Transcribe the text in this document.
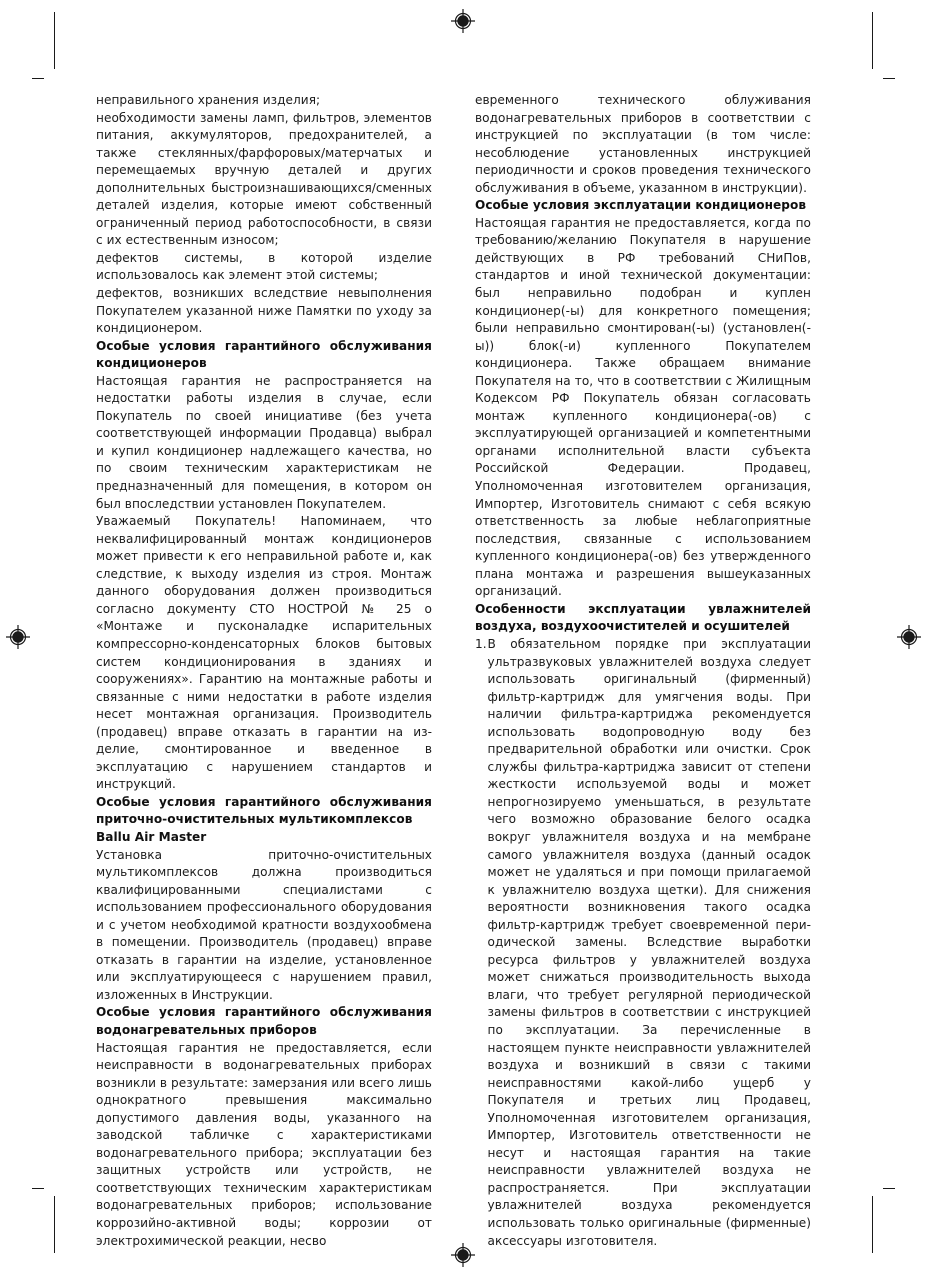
неправильного хранения изделия;

необходимости замены ламп, фильтров, элементов питания, аккумуляторов, предохранителей, а также стеклянных/фарфоровых/матерчатых и перемещаемых вручную деталей и других дополнительных быстроизнашивающихся/сменных деталей изделия, которые имеют собственный ограниченный период работоспособности, в связи с их естественным износом;

дефектов системы, в которой изделие использовалось как элемент этой системы;

дефектов, возникших вследствие невыполнения Покупателем указанной ниже Памятки по уходу за кондиционером.

Особые условия гарантийного обслуживания кондиционеров

Настоящая гарантия не распространяется на недостатки работы изделия в случае, если Покупатель по своей инициативе (без учета соответствующей информации Продавца) выбрал и купил кондиционер надлежащего качества, но по своим техническим характеристикам не предназначенный для помещения, в котором он был впоследствии установлен Покупателем.

Уважаемый Покупатель! Напоминаем, что неквалифицированный монтаж кондиционеров может привести к его неправильной работе и, как следствие, к выходу изделия из строя. Монтаж данного оборудования должен производиться согласно документу СТО НОСТРОЙ № 25 о «Монтаже и пусконаладке испарительных компрессорно-конденсаторных блоков бытовых систем кондиционирования в зданиях и сооружениях». Гарантию на монтажные работы и связанные с ними недостатки в работе изделия несет монтажная организация. Производитель (продавец) вправе отказать в гарантии на изделие, смонтированное и введенное в эксплуатацию с нарушением стандартов и инструкций.

Особые условия гарантийного обслуживания приточно-очистительных мультикомплексов
Ballu Air Master

Установка приточно-очистительных мультикомплексов должна производиться квалифицированными специалистами с использованием профессионального оборудования и с учетом необходимой кратности воздухообмена в помещении. Производитель (продавец) вправе отказать в гарантии на изделие, установленное или эксплуатирующееся с нарушением правил, изложенных в Инструкции.

Особые условия гарантийного обслуживания водонагревательных приборов

Настоящая гарантия не предоставляется, если неисправности в водонагревательных приборах возникли в результате: замерзания или всего лишь однократного превышения максимально допустимого давления воды, указанного на заводской табличке с характеристиками водонагревательного прибора; эксплуатации без защитных устройств или устройств, не соответствующих техническим характеристикам водонагревательных приборов; использование коррозийно-активной воды; коррозии от электрохимической реакции, несво

евременного технического облуживания водонагревательных приборов в соответствии с инструкцией по эксплуатации (в том числе: несоблюдение установленных инструкцией периодичности и сроков проведения технического обслуживания в объеме, указанном в инструкции).

Особые условия эксплуатации кондиционеров

Настоящая гарантия не предоставляется, когда по требованию/желанию Покупателя в нарушение действующих в РФ требований СНиПов, стандартов и иной технической документации: был неправильно подобран и куплен кондиционер(-ы) для конкретного помещения; были неправильно смонтирован(-ы) (установлен(-ы)) блок(-и) купленного Покупателем кондиционера. Также обращаем внимание Покупателя на то, что в соответствии с Жилищным Кодексом РФ Покупатель обязан согласовать монтаж купленного кондиционера(-ов) с эксплуатирующей организацией и компетентными органами исполнительной власти субъекта Российской Федерации. Продавец, Уполномоченная изготовителем организация, Импортер, Изготовитель снимают с себя всякую ответственность за любые неблагоприятные последствия, связанные с использованием купленного кондиционера(-ов) без утвержденного плана монтажа и разрешения вышеуказанных организаций.

Особенности эксплуатации увлажнителей воздуха, воздухоочистителей и осушителей
1. В обязательном порядке при эксплуатации ультразвуковых увлажнителей воздуха следует использовать оригинальный (фирменный) фильтр-картридж для умягчения воды. При наличии фильтра-картриджа рекомендуется использовать водопроводную воду без предварительной обработки или очистки. Срок службы фильтра-картриджа зависит от степени жесткости используемой воды и может непрогнозируемо уменьшаться, в результате чего возможно образование белого осадка вокруг увлажнителя воздуха и на мембране самого увлажнителя воздуха (данный осадок может не удаляться и при помощи прилагаемой к увлажнителю воздуха щетки). Для снижения вероятности возникновения такого осадка фильтр-картридж требует своевременной периодической замены. Вследствие выработки ресурса фильтров у увлажнителей воздуха может снижаться производительность выхода влаги, что требует регулярной периодической замены фильтров в соответствии с инструкцией по эксплуатации. За перечисленные в настоящем пункте неисправности увлажнителей воздуха и возникший в связи с такими неисправностями какой-либо ущерб у Покупателя и третьих лиц Продавец, Уполномоченная изготовителем организация, Импортер, Изготовитель ответственности не несут и настоящая гарантия на такие неисправности увлажнителей воздуха не распространяется. При эксплуатации увлажнителей воздуха рекомендуется использовать только оригинальные (фирменные) аксессуары изготовителя.
